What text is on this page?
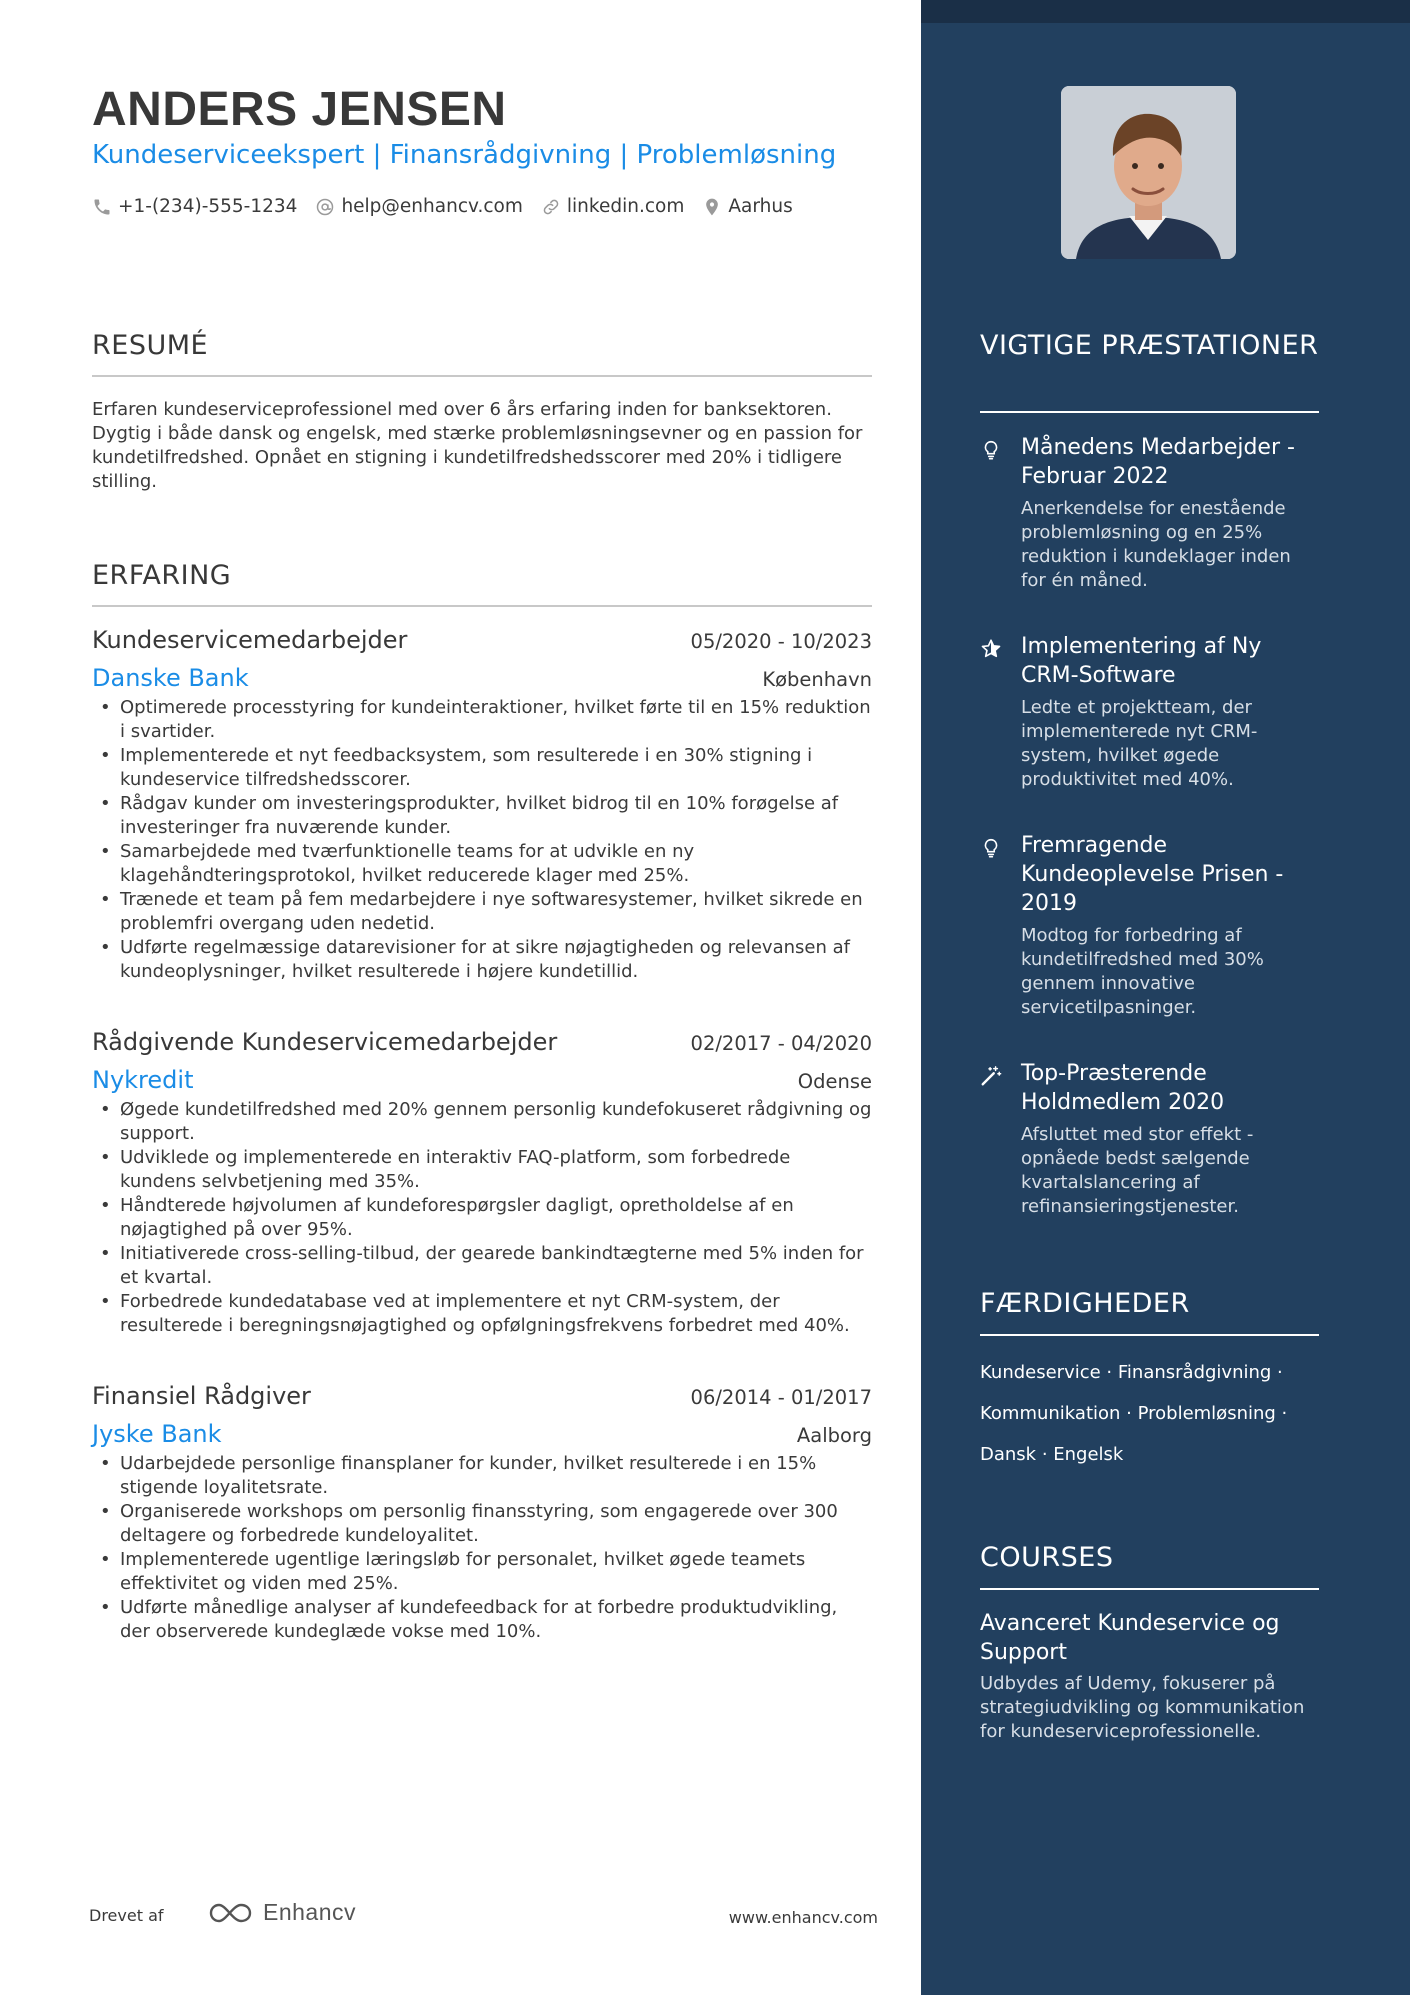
ANDERS JENSEN
Kundeserviceekspert | Finansrådgivning | Problemløsning
+1-(234)-555-1234 help@enhancv.com linkedin.com Aarhus
RESUMÉ
Erfaren kundeserviceprofessionel med over 6 års erfaring inden for banksektoren. Dygtig i både dansk og engelsk, med stærke problemløsningsevner og en passion for kundetilfredshed. Opnået en stigning i kundetilfredshedsscorer med 20% i tidligere stilling.
ERFARING
Kundeservicemedarbejder	05/2020 - 10/2023
Danske Bank	København
• Optimerede processtyring for kundeinteraktioner, hvilket førte til en 15% reduktion i svartider.
• Implementerede et nyt feedbacksystem, som resulterede i en 30% stigning i kundeservice tilfredshedsscorer.
• Rådgav kunder om investeringsprodukter, hvilket bidrog til en 10% forøgelse af investeringer fra nuværende kunder.
• Samarbejdede med tværfunktionelle teams for at udvikle en ny klagehåndteringsprotokol, hvilket reducerede klager med 25%.
• Trænede et team på fem medarbejdere i nye softwaresystemer, hvilket sikrede en problemfri overgang uden nedetid.
• Udførte regelmæssige datarevisioner for at sikre nøjagtigheden og relevansen af kundeoplysninger, hvilket resulterede i højere kundetillid.
Rådgivende Kundeservicemedarbejder	02/2017 - 04/2020
Nykredit	Odense
• Øgede kundetilfredshed med 20% gennem personlig kundefokuseret rådgivning og support.
• Udviklede og implementerede en interaktiv FAQ-platform, som forbedrede kundens selvbetjening med 35%.
• Håndterede højvolumen af kundeforespørgsler dagligt, opretholdelse af en nøjagtighed på over 95%.
• Initiativerede cross-selling-tilbud, der gearede bankindtægterne med 5% inden for et kvartal.
• Forbedrede kundedatabase ved at implementere et nyt CRM-system, der resulterede i beregningsnøjagtighed og opfølgningsfrekvens forbedret med 40%.
Finansiel Rådgiver	06/2014 - 01/2017
Jyske Bank	Aalborg
• Udarbejdede personlige finansplaner for kunder, hvilket resulterede i en 15% stigende loyalitetsrate.
• Organiserede workshops om personlig finansstyring, som engagerede over 300 deltagere og forbedrede kundeloyalitet.
• Implementerede ugentlige læringsløb for personalet, hvilket øgede teamets effektivitet og viden med 25%.
• Udførte månedlige analyser af kundefeedback for at forbedre produktudvikling, der observerede kundeglæde vokse med 10%.
Drevet af	Enhancv	www.enhancv.com
VIGTIGE PRÆSTATIONER
Månedens Medarbejder - Februar 2022
Anerkendelse for enestående problemløsning og en 25% reduktion i kundeklager inden for én måned.
Implementering af Ny CRM-Software
Ledte et projektteam, der implementerede nyt CRM-system, hvilket øgede produktivitet med 40%.
Fremragende Kundeoplevelse Prisen - 2019
Modtog for forbedring af kundetilfredshed med 30% gennem innovative servicetilpasninger.
Top-Præsterende Holdmedlem 2020
Afsluttet med stor effekt - opnåede bedst sælgende kvartalslancering af refinansieringstjenester.
FÆRDIGHEDER
Kundeservice · Finansrådgivning ·
Kommunikation · Problemløsning ·
Dansk · Engelsk
COURSES
Avanceret Kundeservice og Support
Udbydes af Udemy, fokuserer på strategiudvikling og kommunikation for kundeserviceprofessionelle.
